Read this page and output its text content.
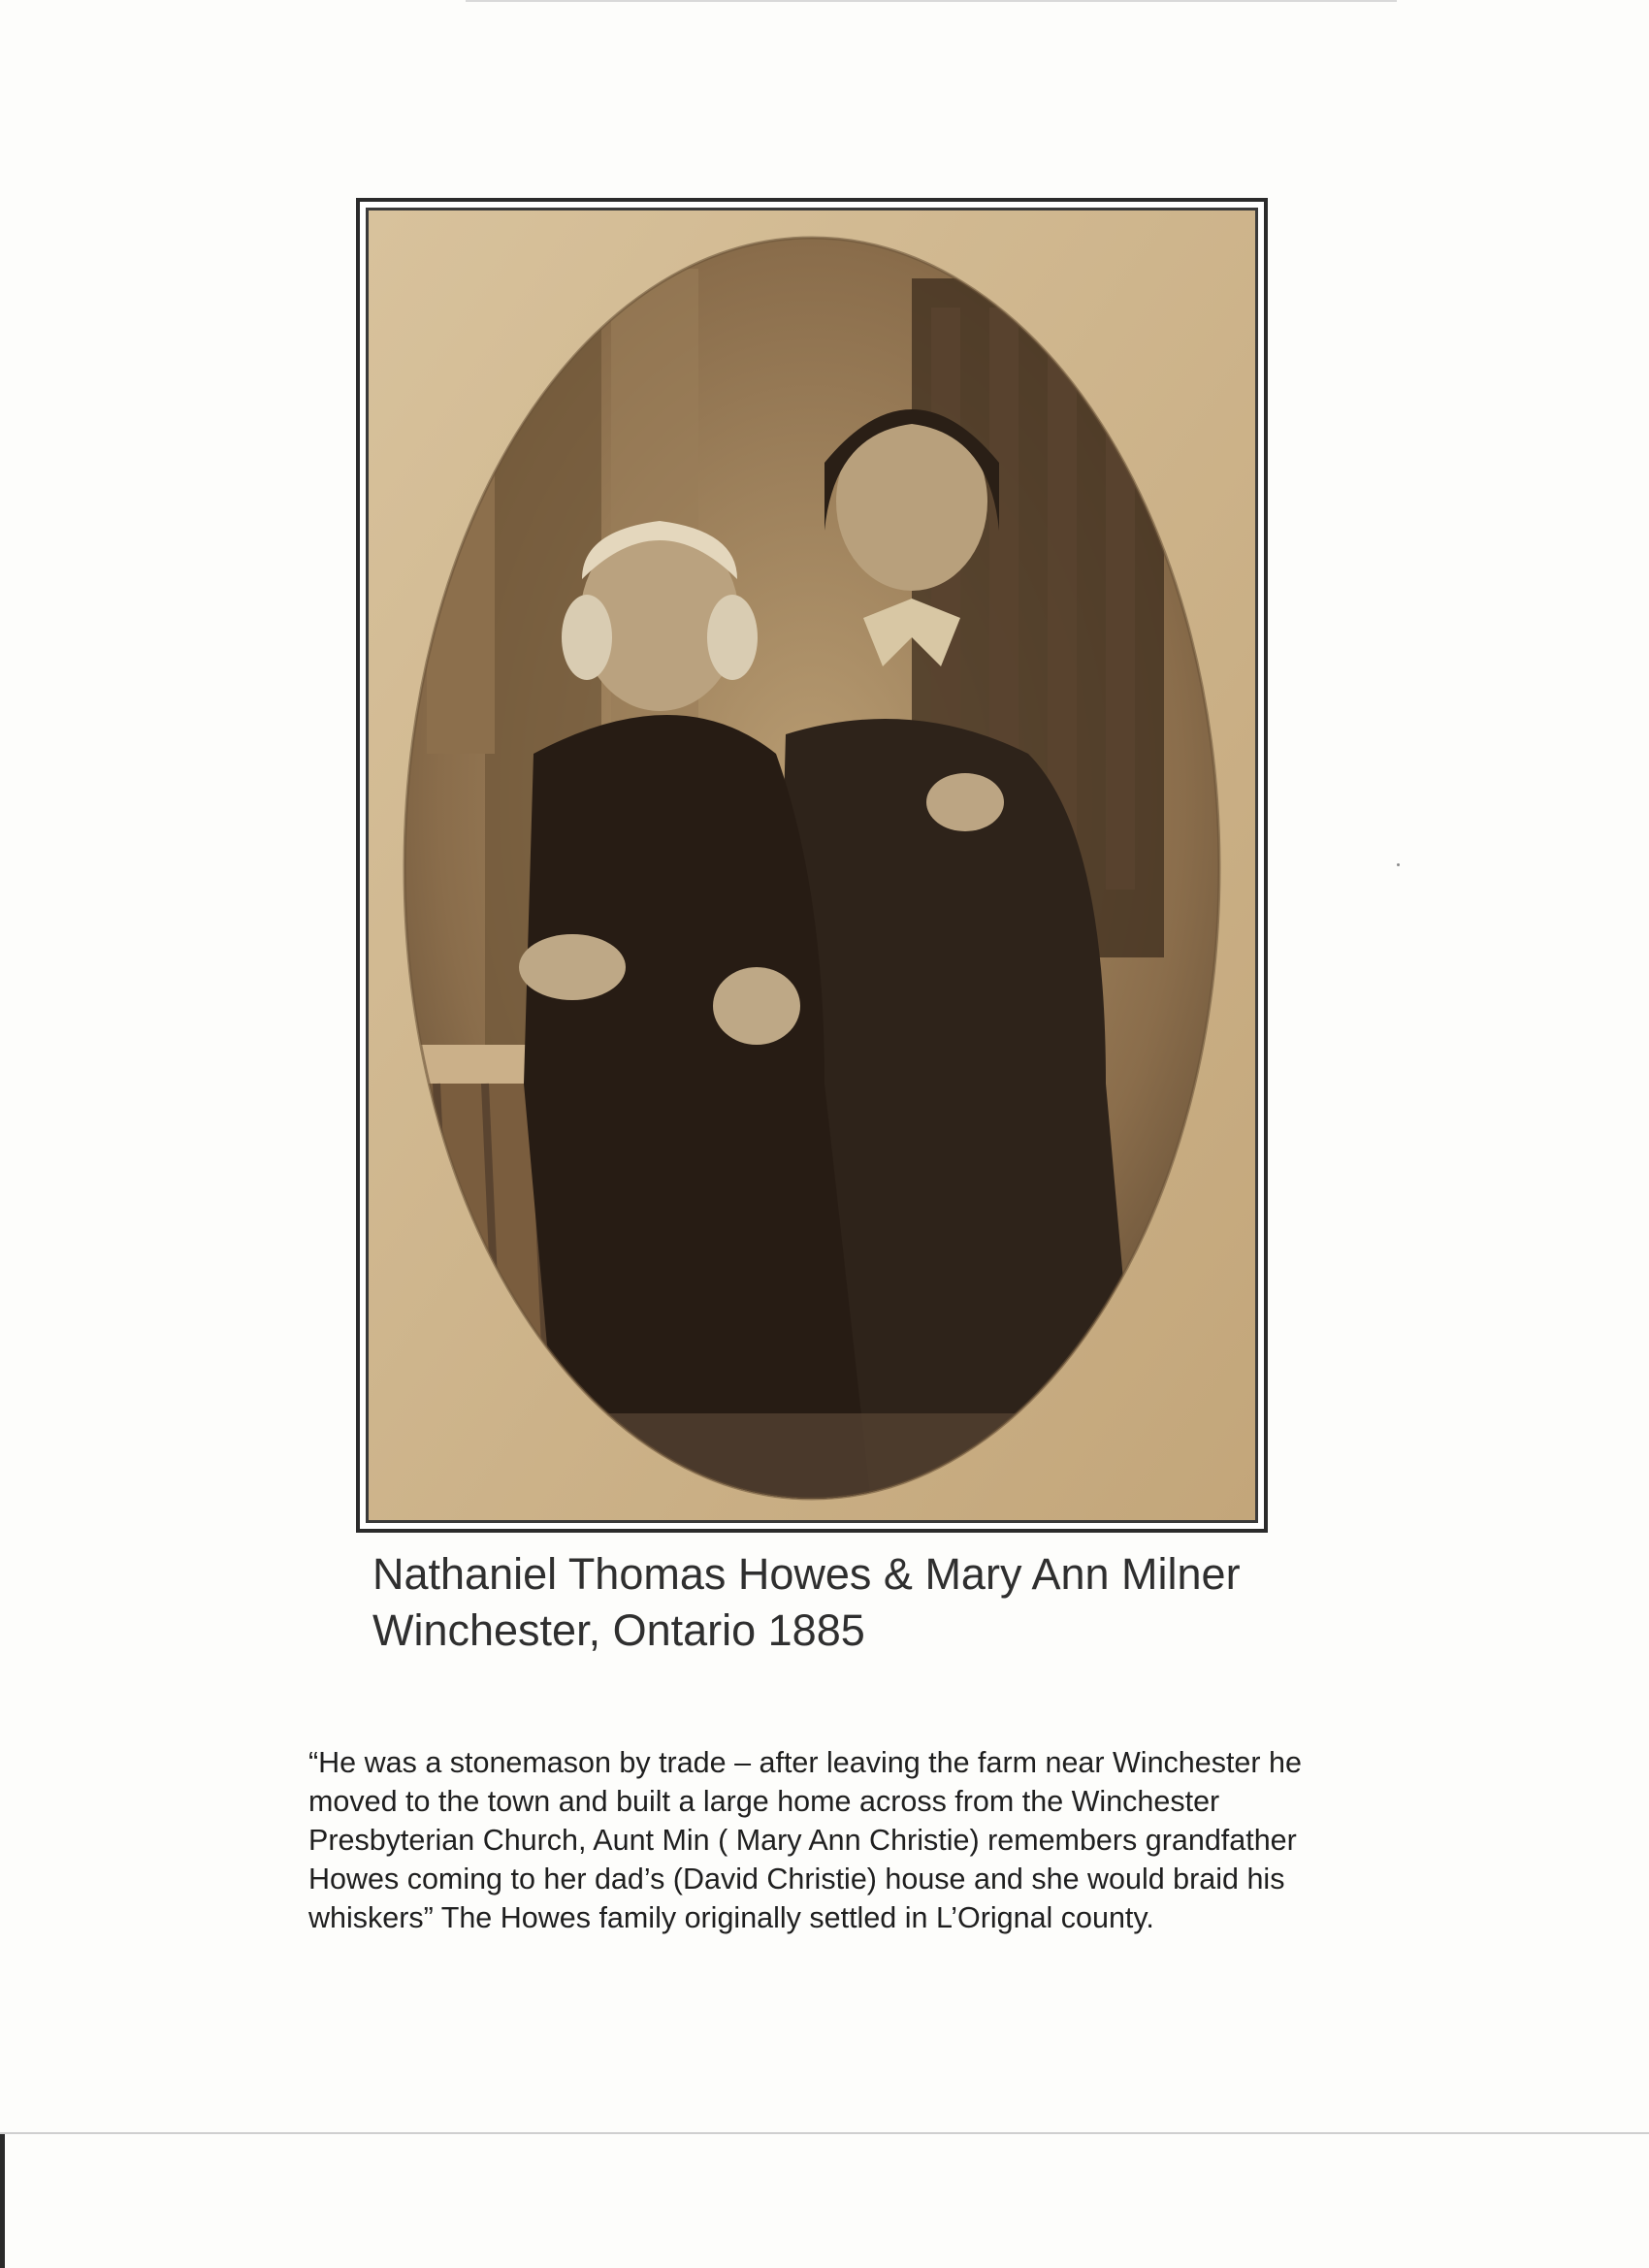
Nathaniel Thomas Howes & Mary Ann Milner
Winchester, Ontario 1885
“He was a stonemason by trade – after leaving the farm near Winchester he
moved to the town and built a large home across from the Winchester
Presbyterian Church, Aunt Min ( Mary Ann Christie) remembers grandfather
Howes coming to her dad’s (David Christie) house and she would braid his
whiskers” The Howes family originally settled in L’Orignal county.
